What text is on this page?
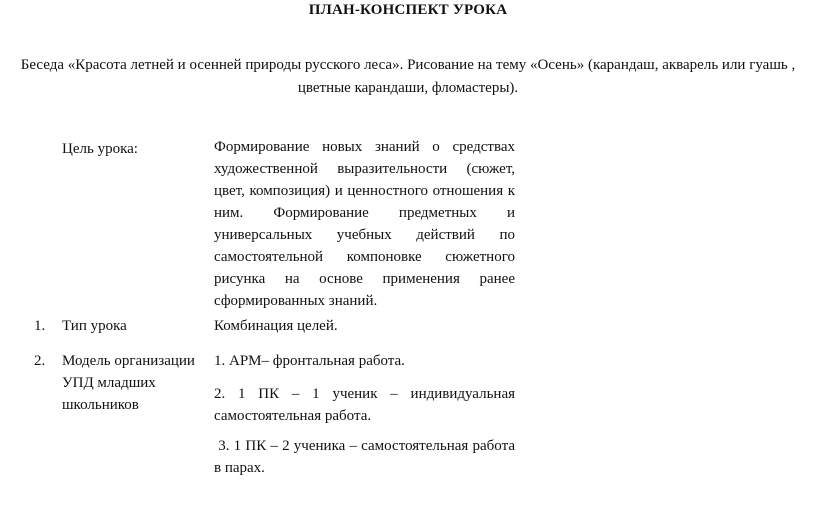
ПЛАН-КОНСПЕКТ УРОКА
Беседа «Красота летней и осенней природы русского леса». Рисование на тему «Осень» (карандаш, акварель или гуашь ,
цветные карандаши, фломастеры).
Цель урока:	Формирование новых знаний о средствах художественной выразительности (сюжет, цвет, композиция) и ценностного отношения к ним. Формирование предметных и универсальных учебных действий по самостоятельной компоновке сюжетного рисунка на основе применения ранее сформированных знаний.
1. Тип урока	Комбинация целей.
2. Модель организации УПД младших школьников
1. АРМ– фронтальная работа.
2. 1 ПК – 1 ученик – индивидуальная самостоятельная работа.
3. 1 ПК – 2 ученика – самостоятельная работа в парах.
